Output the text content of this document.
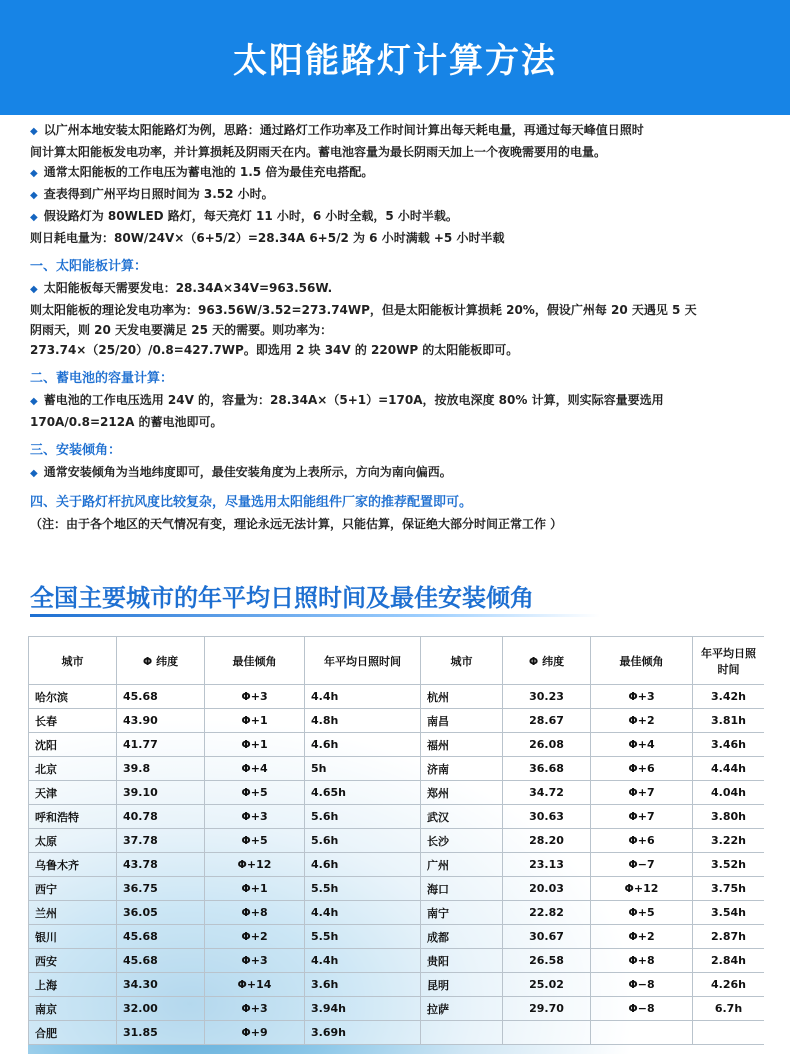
太阳能路灯计算方法
◆ 以广州本地安装太阳能路灯为例，思路：通过路灯工作功率及工作时间计算出每天耗电量，再通过每天峰值日照时
间计算太阳能板发电功率，并计算损耗及阴雨天在内。蓄电池容量为最长阴雨天加上一个夜晚需要用的电量。
◆ 通常太阳能板的工作电压为蓄电池的 1.5 倍为最佳充电搭配。
◆ 查表得到广州平均日照时间为 3.52 小时。
◆ 假设路灯为 80WLED 路灯，每天亮灯 11 小时，6 小时全载，5 小时半载。
则日耗电量为：80W/24V×（6+5/2）=28.34A 6+5/2 为 6 小时满载 +5 小时半载
一、太阳能板计算：
◆ 太阳能板每天需要发电：28.34A×34V=963.56W.
则太阳能板的理论发电功率为：963.56W/3.52=273.74WP，但是太阳能板计算损耗 20%，假设广州每 20 天遇见 5 天
阴雨天，则 20 天发电要满足 25 天的需要。则功率为：
273.74×（25/20）/0.8=427.7WP。即选用 2 块 34V 的 220WP 的太阳能板即可。
二、蓄电池的容量计算：
◆ 蓄电池的工作电压选用 24V 的，容量为：28.34A×（5+1）=170A，按放电深度 80% 计算，则实际容量要选用
170A/0.8=212A 的蓄电池即可。
三、安装倾角：
◆ 通常安装倾角为当地纬度即可，最佳安装角度为上表所示，方向为南向偏西。
四、关于路灯杆抗风度比较复杂，尽量选用太阳能组件厂家的推荐配置即可。
（注：由于各个地区的天气情况有变，理论永远无法计算，只能估算，保证绝大部分时间正常工作 ）
全国主要城市的年平均日照时间及最佳安装倾角
城市	Φ 纬度	最佳倾角	年平均日照时间	城市	Φ 纬度	最佳倾角	年平均日照时间
哈尔滨	45.68	Φ+3	4.4h	杭州	30.23	Φ+3	3.42h
长春	43.90	Φ+1	4.8h	南昌	28.67	Φ+2	3.81h
沈阳	41.77	Φ+1	4.6h	福州	26.08	Φ+4	3.46h
北京	39.8	Φ+4	5h	济南	36.68	Φ+6	4.44h
天津	39.10	Φ+5	4.65h	郑州	34.72	Φ+7	4.04h
呼和浩特	40.78	Φ+3	5.6h	武汉	30.63	Φ+7	3.80h
太原	37.78	Φ+5	5.6h	长沙	28.20	Φ+6	3.22h
乌鲁木齐	43.78	Φ+12	4.6h	广州	23.13	Φ−7	3.52h
西宁	36.75	Φ+1	5.5h	海口	20.03	Φ+12	3.75h
兰州	36.05	Φ+8	4.4h	南宁	22.82	Φ+5	3.54h
银川	45.68	Φ+2	5.5h	成都	30.67	Φ+2	2.87h
西安	45.68	Φ+3	4.4h	贵阳	26.58	Φ+8	2.84h
上海	34.30	Φ+14	3.6h	昆明	25.02	Φ−8	4.26h
南京	32.00	Φ+3	3.94h	拉萨	29.70	Φ−8	6.7h
合肥	31.85	Φ+9	3.69h				
